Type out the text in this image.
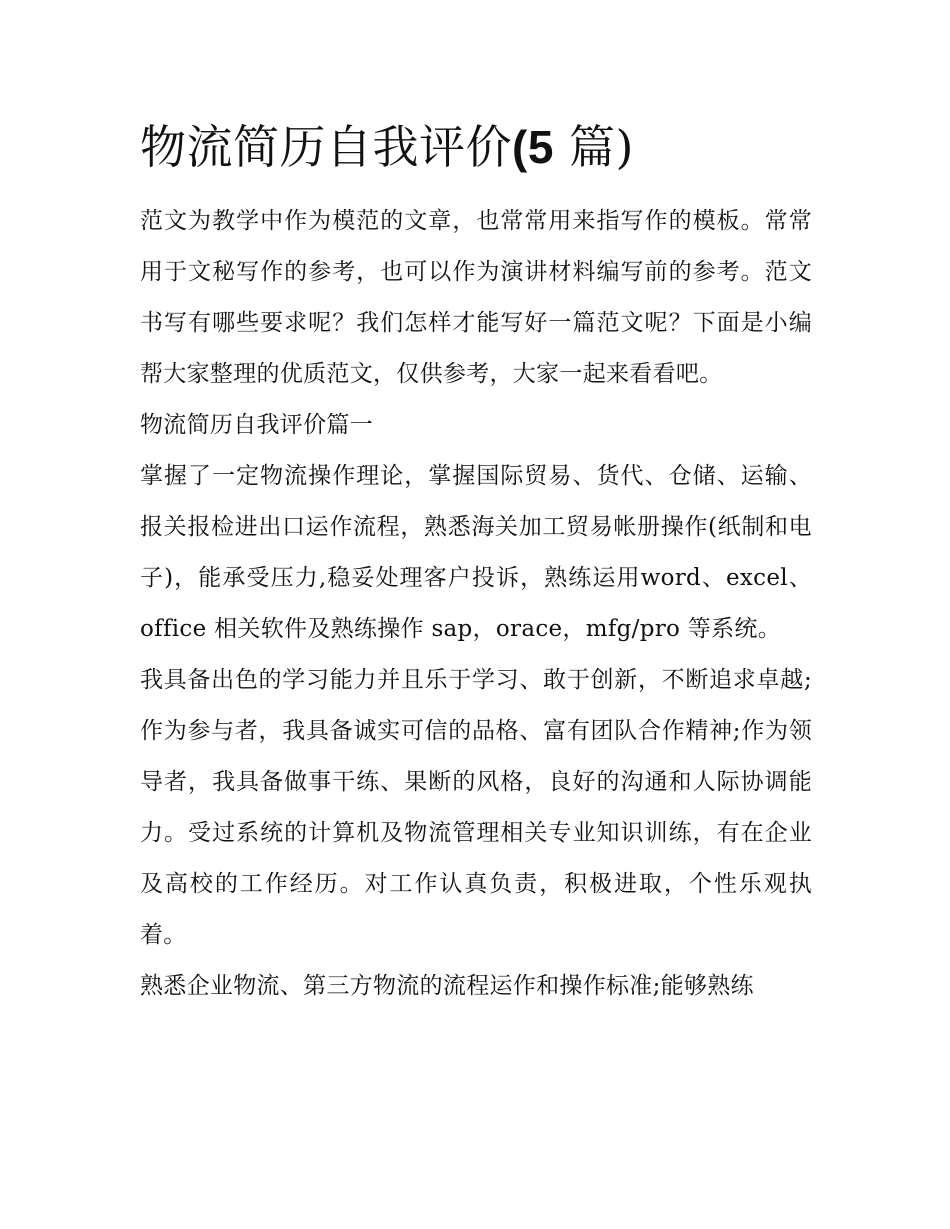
物流简历自我评价(5 篇)

范文为教学中作为模范的文章，也常常用来指写作的模板。常常用于文秘写作的参考，也可以作为演讲材料编写前的参考。范文书写有哪些要求呢？我们怎样才能写好一篇范文呢？下面是小编帮大家整理的优质范文，仅供参考，大家一起来看看吧。

物流简历自我评价篇一

掌握了一定物流操作理论，掌握国际贸易、货代、仓储、运输、报关报检进出口运作流程，熟悉海关加工贸易帐册操作(纸制和电子)，能承受压力,稳妥处理客户投诉，熟练运用word、excel、office 相关软件及熟练操作 sap，orace，mfg/pro 等系统。

我具备出色的学习能力并且乐于学习、敢于创新，不断追求卓越;作为参与者，我具备诚实可信的品格、富有团队合作精神;作为领导者，我具备做事干练、果断的风格，良好的沟通和人际协调能力。受过系统的计算机及物流管理相关专业知识训练，有在企业及高校的工作经历。对工作认真负责，积极进取，个性乐观执着。

熟悉企业物流、第三方物流的流程运作和操作标准;能够熟练
